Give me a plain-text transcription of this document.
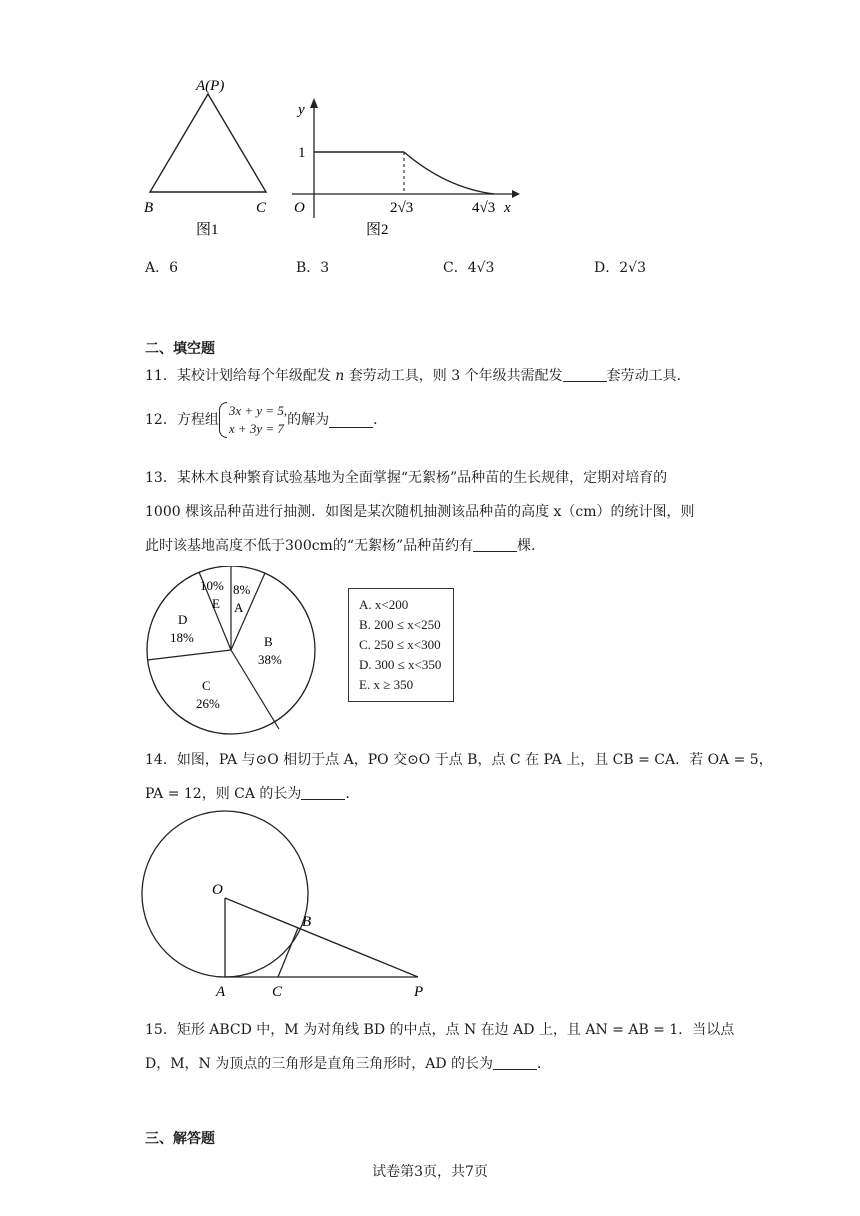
A(P)
B	C
图1
y
1
O	2√3	4√3 x
图2
A．6	B．3	C．4√3	D．2√3
二、填空题
11．某校计划给每个年级配发 n 套劳动工具，则 3 个年级共需配发	套劳动工具．
12．方程组
3x + y = 5,
x + 3y = 7
的解为	．
13．某林木良种繁育试验基地为全面掌握“无絮杨”品种苗的生长规律，定期对培育的
1000 棵该品种苗进行抽测．如图是某次随机抽测该品种苗的高度 x（cm）的统计图，则
此时该基地高度不低于300cm的“无絮杨”品种苗约有	棵．
8%
A
10%
E
B
38%
C
26%
D
18%
A. x<200
B. 200 ≤ x<250
C. 250 ≤ x<300
D. 300 ≤ x<350
E. x ≥ 350
14．如图，PA 与⊙O 相切于点 A，PO 交⊙O 于点 B，点 C 在 PA 上，且 CB = CA．若 OA = 5，
PA = 12，则 CA 的长为	．
O
B
A	C	P
15．矩形 ABCD 中，M 为对角线 BD 的中点，点 N 在边 AD 上，且 AN = AB = 1．当以点
D，M，N 为顶点的三角形是直角三角形时，AD 的长为	．
三、解答题
试卷第3页，共7页
